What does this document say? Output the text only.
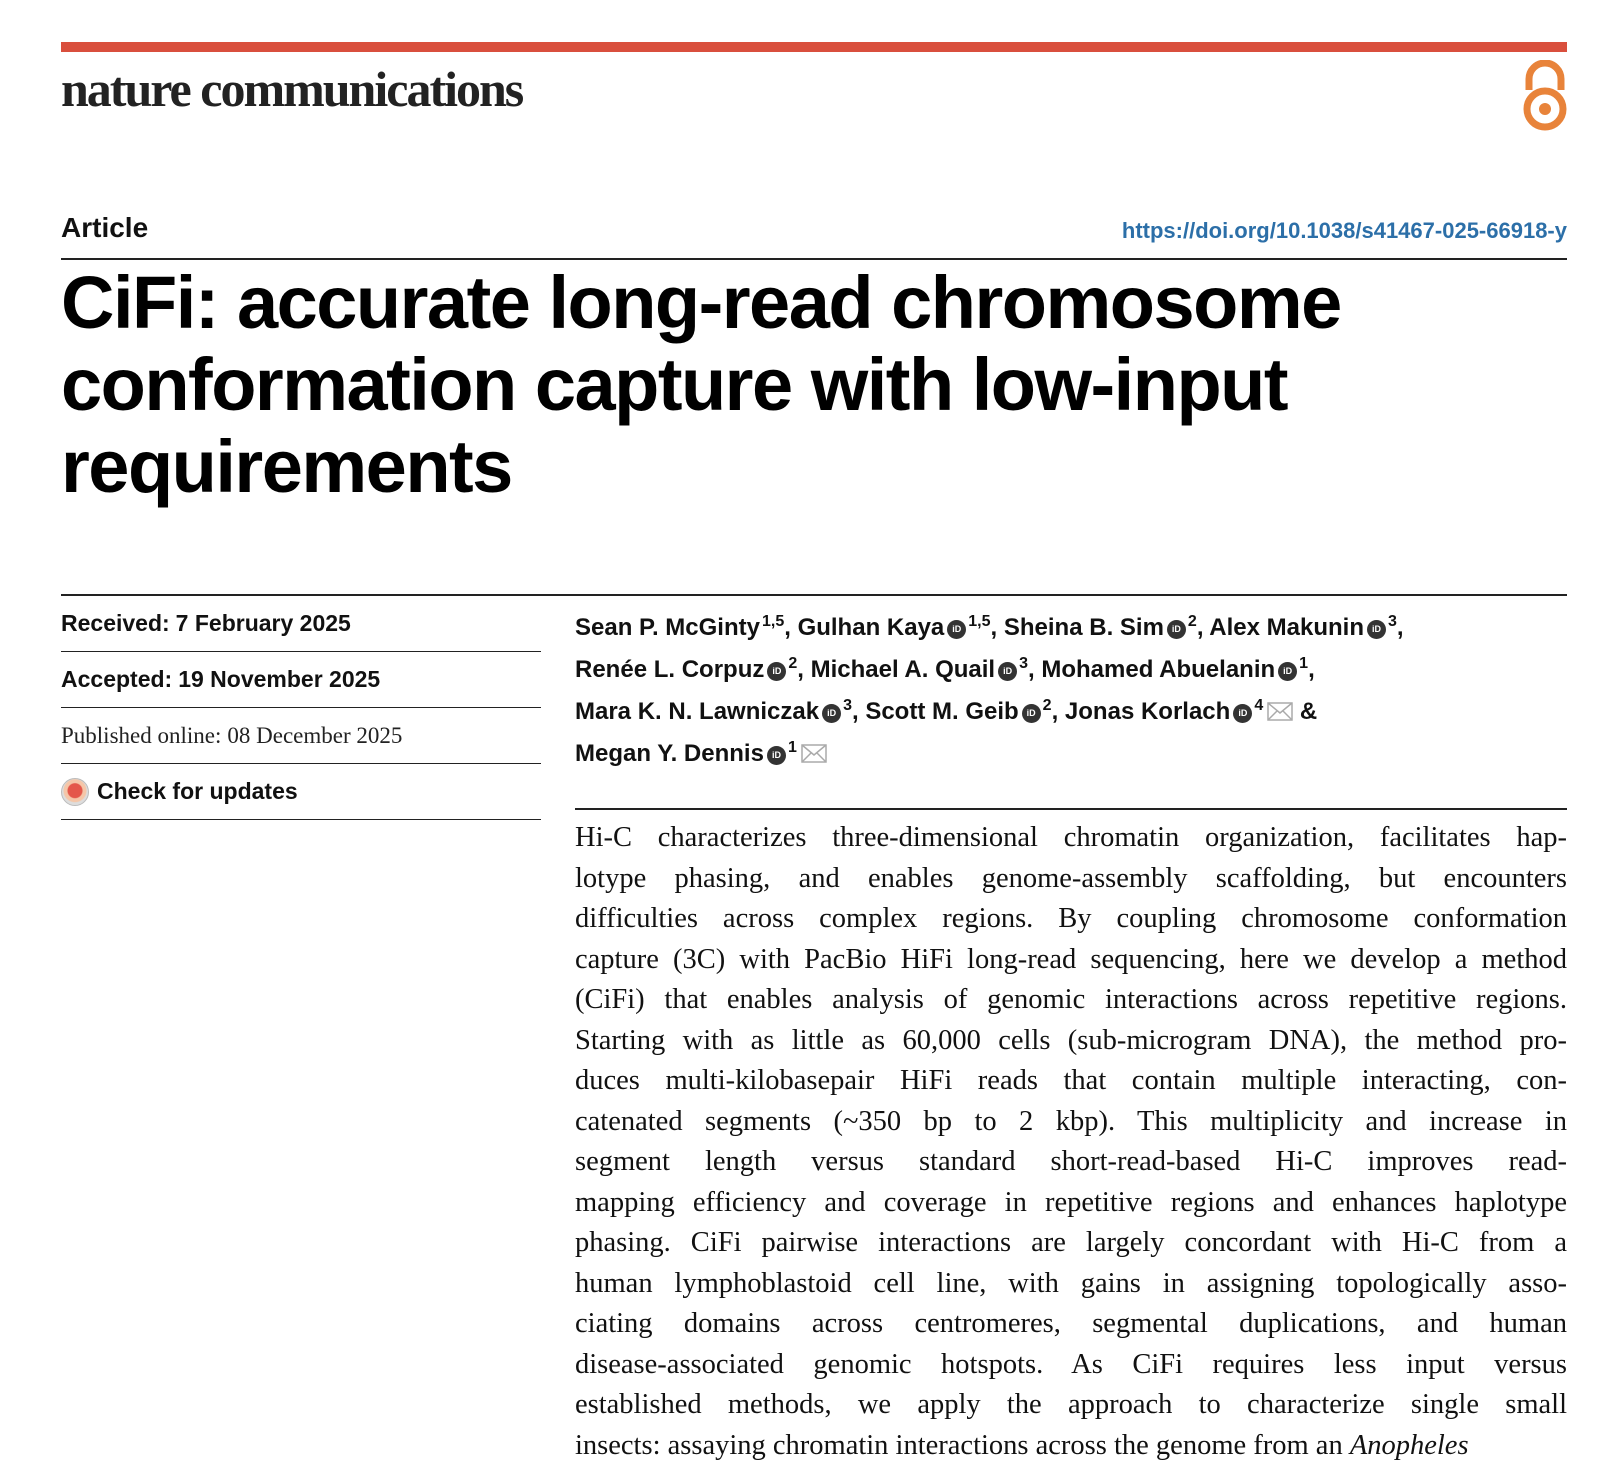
nature communications
Article	https://doi.org/10.1038/s41467-025-66918-y
CiFi: accurate long-read chromosome
conformation capture with low-input
requirements
Received: 7 February 2025
Accepted: 19 November 2025
Published online: 08 December 2025
Check for updates
Sean P. McGinty $^{1,5}$, Gulhan Kaya iD $^{1,5}$, Sheina B. Sim iD $^2$, Alex Makunin iD $^3$,
Renée L. Corpuz iD $^2$, Michael A. Quail iD $^3$, Mohamed Abuelanin iD $^1$,
Mara K. N. Lawniczak iD $^3$, Scott M. Geib iD $^2$, Jonas Korlach iD $^4$ &
Megan Y. Dennis iD $^1$

Hi-C characterizes three-dimensional chromatin organization, facilitates hap-
lotype phasing, and enables genome-assembly scaffolding, but encounters
difficulties across complex regions. By coupling chromosome conformation
capture (3C) with PacBio HiFi long-read sequencing, here we develop a method
(CiFi) that enables analysis of genomic interactions across repetitive regions.
Starting with as little as 60,000 cells (sub-microgram DNA), the method pro-
duces multi-kilobasepair HiFi reads that contain multiple interacting, con-
catenated segments (~350 bp to 2 kbp). This multiplicity and increase in
segment length versus standard short-read-based Hi-C improves read-
mapping efficiency and coverage in repetitive regions and enhances haplotype
phasing. CiFi pairwise interactions are largely concordant with Hi-C from a
human lymphoblastoid cell line, with gains in assigning topologically asso-
ciating domains across centromeres, segmental duplications, and human
disease-associated genomic hotspots. As CiFi requires less input versus
established methods, we apply the approach to characterize single small
insects: assaying chromatin interactions across the genome from an Anopheles
